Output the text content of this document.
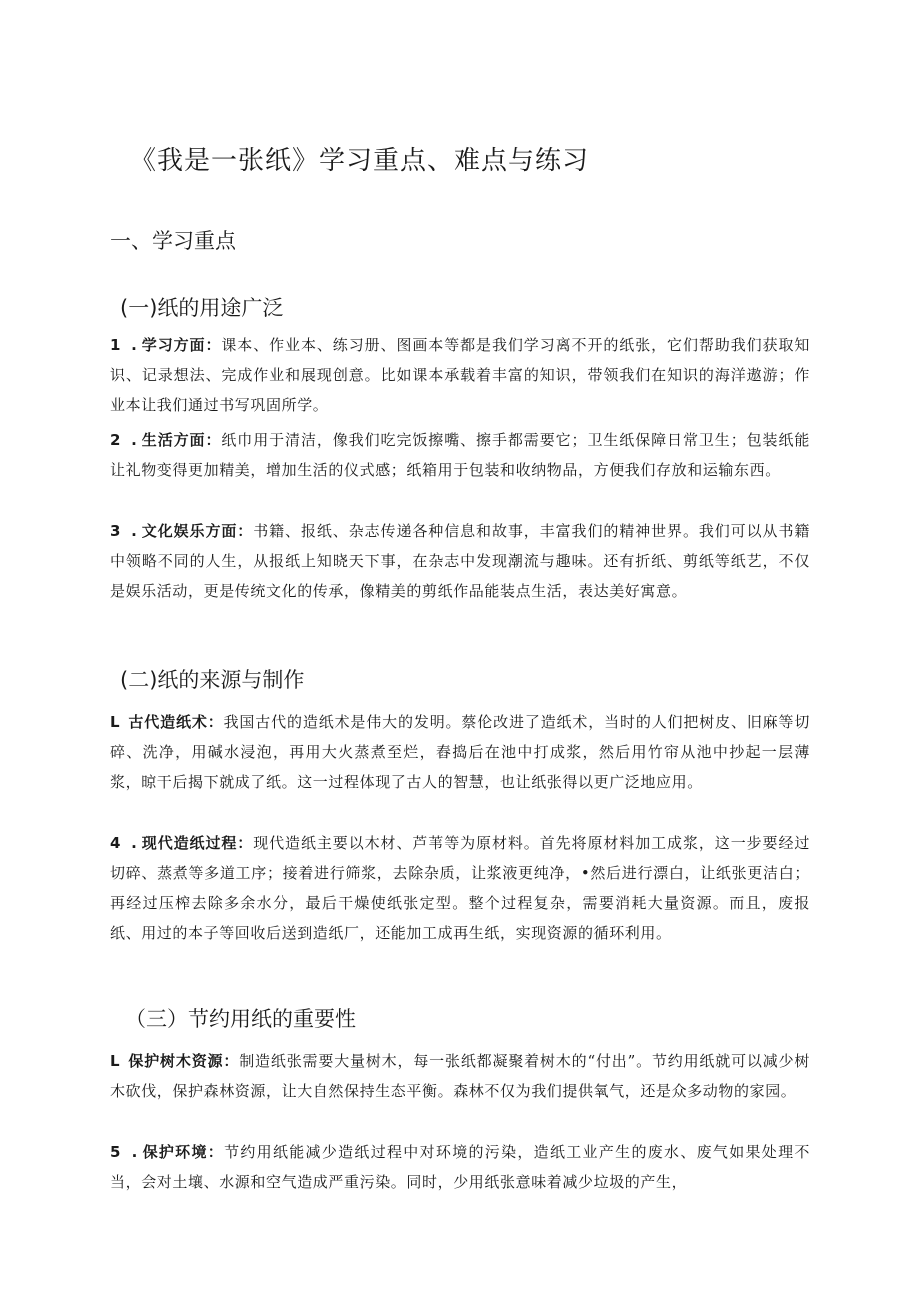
《我是一张纸》学习重点、难点与练习
一、学习重点
(一)纸的用途广泛

1 . 学习方面：课本、作业本、练习册、图画本等都是我们学习离不开的纸张，它们帮助我们获取知识、记录想法、完成作业和展现创意。比如课本承载着丰富的知识，带领我们在知识的海洋遨游；作业本让我们通过书写巩固所学。

2 . 生活方面：纸巾用于清洁，像我们吃完饭擦嘴、擦手都需要它；卫生纸保障日常卫生；包装纸能让礼物变得更加精美，增加生活的仪式感；纸箱用于包装和收纳物品，方便我们存放和运输东西。

3 . 文化娱乐方面：书籍、报纸、杂志传递各种信息和故事，丰富我们的精神世界。我们可以从书籍中领略不同的人生，从报纸上知晓天下事，在杂志中发现潮流与趣味。还有折纸、剪纸等纸艺，不仅是娱乐活动，更是传统文化的传承，像精美的剪纸作品能装点生活，表达美好寓意。

(二)纸的来源与制作

L 古代造纸术：我国古代的造纸术是伟大的发明。蔡伦改进了造纸术，当时的人们把树皮、旧麻等切碎、洗净，用碱水浸泡，再用大火蒸煮至烂，舂捣后在池中打成浆，然后用竹帘从池中抄起一层薄浆，晾干后揭下就成了纸。这一过程体现了古人的智慧，也让纸张得以更广泛地应用。

4 . 现代造纸过程：现代造纸主要以木材、芦苇等为原材料。首先将原材料加工成浆，这一步要经过切碎、蒸煮等多道工序；接着进行筛浆，去除杂质，让浆液更纯净，•然后进行漂白，让纸张更洁白；再经过压榨去除多余水分，最后干燥使纸张定型。整个过程复杂，需要消耗大量资源。而且，废报纸、用过的本子等回收后送到造纸厂，还能加工成再生纸，实现资源的循环利用。

（三）节约用纸的重要性

L 保护树木资源：制造纸张需要大量树木，每一张纸都凝聚着树木的“付出”。节约用纸就可以减少树木砍伐，保护森林资源，让大自然保持生态平衡。森林不仅为我们提供氧气，还是众多动物的家园。

5 . 保护环境：节约用纸能减少造纸过程中对环境的污染，造纸工业产生的废水、废气如果处理不当，会对土壤、水源和空气造成严重污染。同时，少用纸张意味着减少垃圾的产生，
